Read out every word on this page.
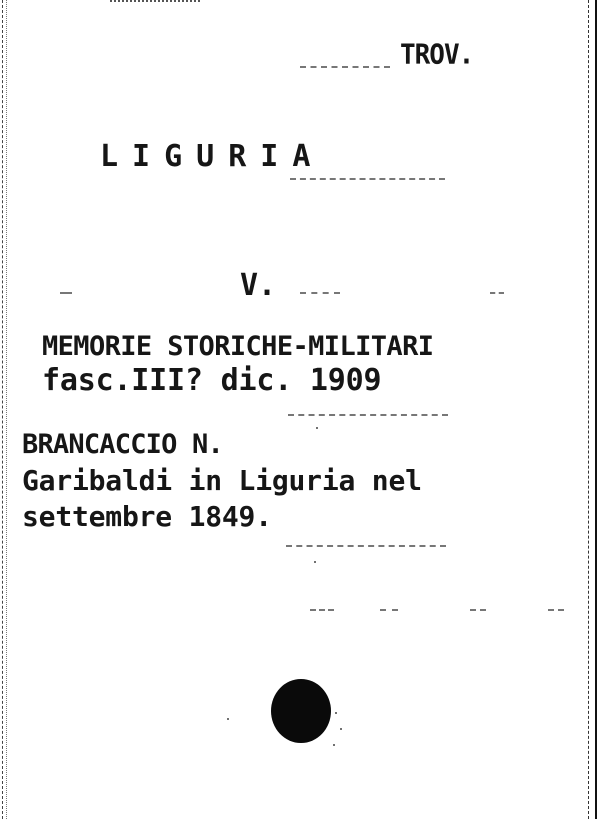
TROV.

LIGURIA

V.

MEMORIE STORICHE-MILITARI

fasc.III? dic. 1909

BRANCACCIO N.

Garibaldi in Liguria nel

settembre 1849.
